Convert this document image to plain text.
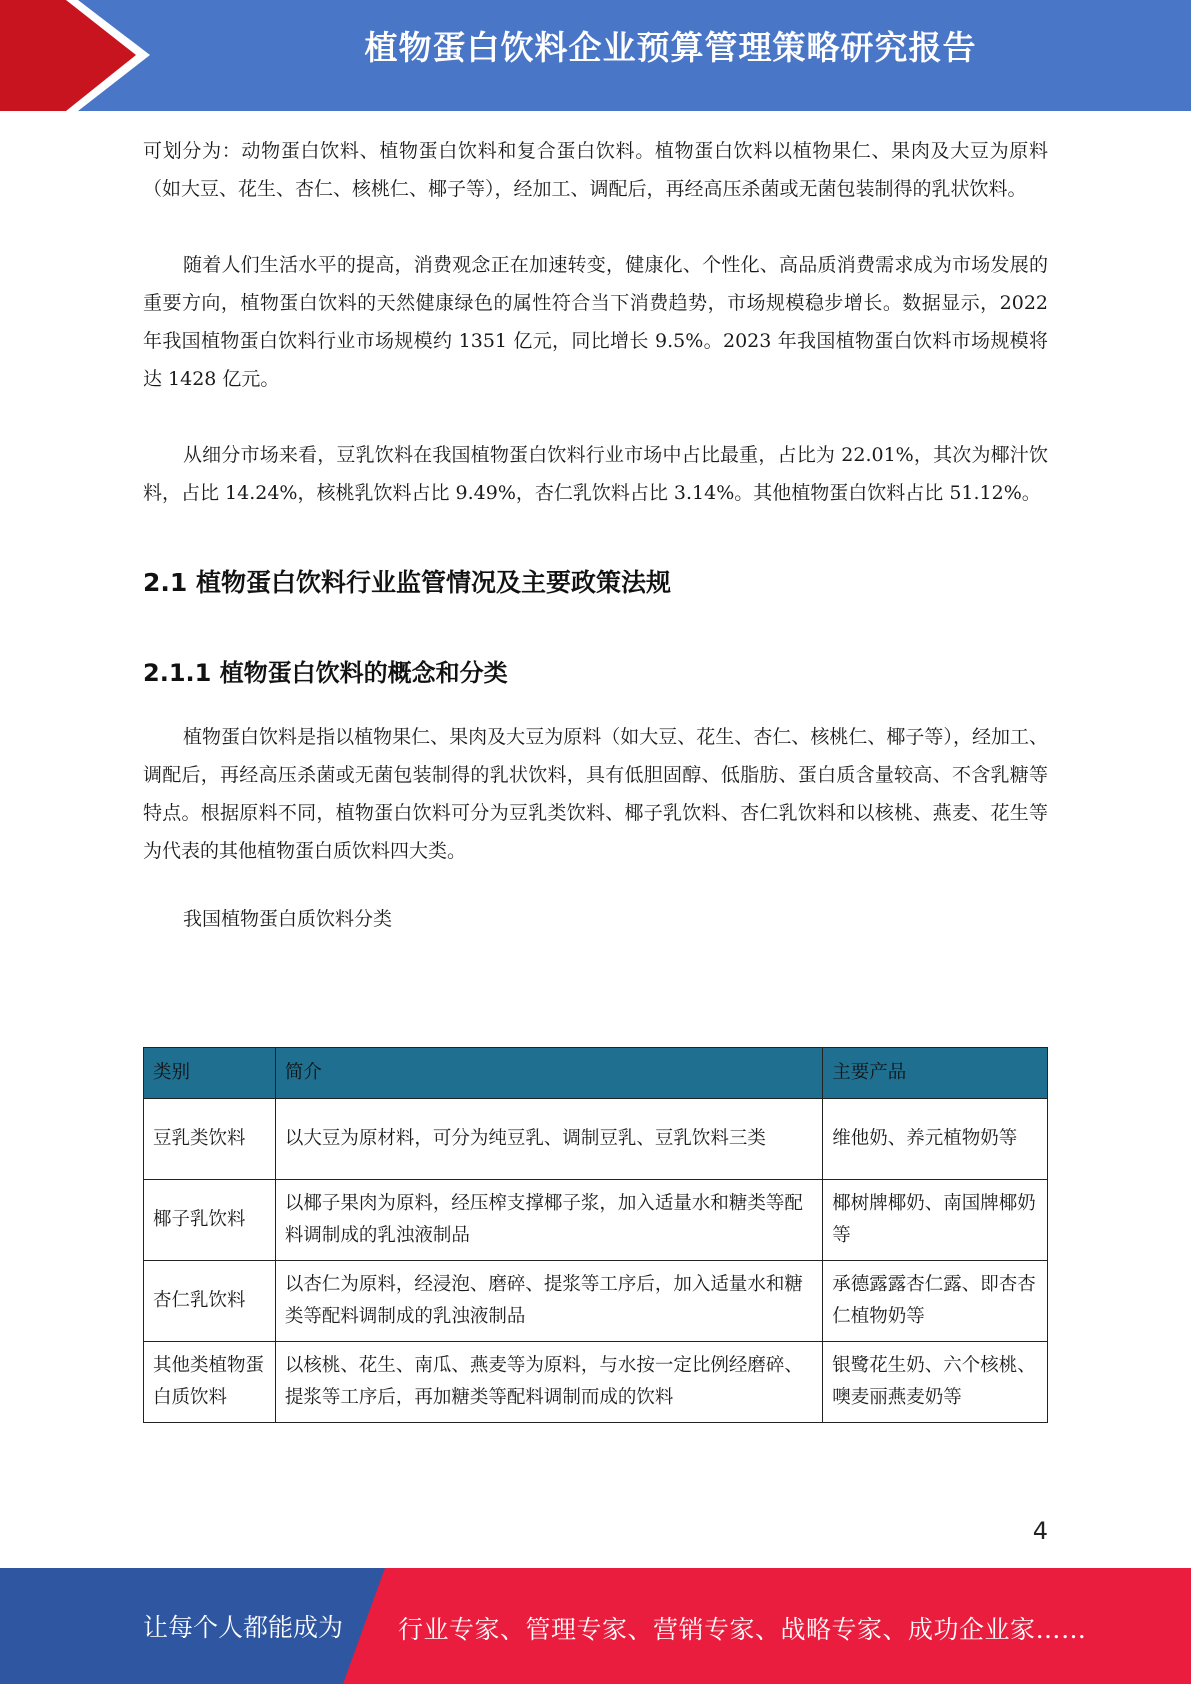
植物蛋白饮料企业预算管理策略研究报告

可划分为：动物蛋白饮料、植物蛋白饮料和复合蛋白饮料。植物蛋白饮料以植物果仁、果肉及大豆为原料（如大豆、花生、杏仁、核桃仁、椰子等），经加工、调配后，再经高压杀菌或无菌包装制得的乳状饮料。

随着人们生活水平的提高，消费观念正在加速转变，健康化、个性化、高品质消费需求成为市场发展的重要方向，植物蛋白饮料的天然健康绿色的属性符合当下消费趋势，市场规模稳步增长。数据显示，2022 年我国植物蛋白饮料行业市场规模约 1351 亿元，同比增长 9.5%。2023 年我国植物蛋白饮料市场规模将达 1428 亿元。

从细分市场来看，豆乳饮料在我国植物蛋白饮料行业市场中占比最重，占比为 22.01%，其次为椰汁饮料，占比 14.24%，核桃乳饮料占比 9.49%，杏仁乳饮料占比 3.14%。其他植物蛋白饮料占比 51.12%。

2.1 植物蛋白饮料行业监管情况及主要政策法规
2.1.1 植物蛋白饮料的概念和分类

植物蛋白饮料是指以植物果仁、果肉及大豆为原料（如大豆、花生、杏仁、核桃仁、椰子等），经加工、调配后，再经高压杀菌或无菌包装制得的乳状饮料，具有低胆固醇、低脂肪、蛋白质含量较高、不含乳糖等特点。根据原料不同，植物蛋白饮料可分为豆乳类饮料、椰子乳饮料、杏仁乳饮料和以核桃、燕麦、花生等为代表的其他植物蛋白质饮料四大类。

我国植物蛋白质饮料分类
类别	简介	主要产品
豆乳类饮料	以大豆为原材料，可分为纯豆乳、调制豆乳、豆乳饮料三类	维他奶、养元植物奶等
椰子乳饮料	以椰子果肉为原料，经压榨支撑椰子浆，加入适量水和糖类等配料调制成的乳浊液制品	椰树牌椰奶、南国牌椰奶等
杏仁乳饮料	以杏仁为原料，经浸泡、磨碎、提浆等工序后，加入适量水和糖类等配料调制成的乳浊液制品	承德露露杏仁露、即杏杏仁植物奶等
其他类植物蛋白质饮料	以核桃、花生、南瓜、燕麦等为原料，与水按一定比例经磨碎、提浆等工序后，再加糖类等配料调制而成的饮料	银鹭花生奶、六个核桃、噢麦丽燕麦奶等
4
让每个人都能成为 行业专家、管理专家、营销专家、战略专家、成功企业家……
